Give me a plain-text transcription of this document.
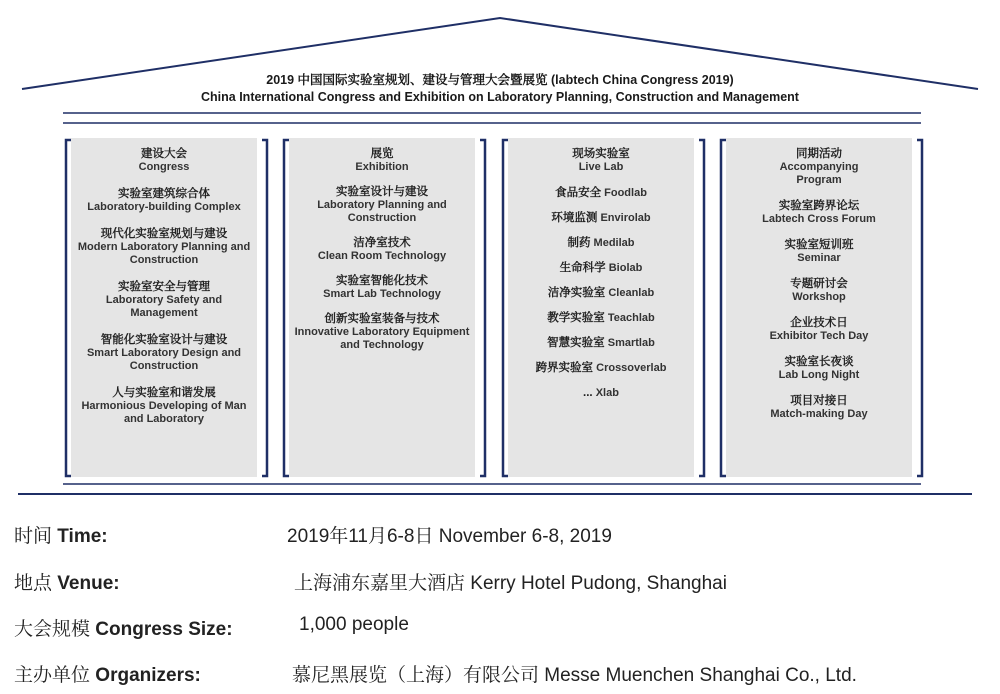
2019 中国国际实验室规划、建设与管理大会暨展览 (labtech China Congress 2019)
China International Congress and Exhibition on Laboratory Planning, Construction and Management
建设大会
Congress
实验室建筑综合体
Laboratory-building Complex
现代化实验室规划与建设
Modern Laboratory Planning and Construction
实验室安全与管理
Laboratory Safety and Management
智能化实验室设计与建设
Smart Laboratory Design and Construction
人与实验室和谐发展
Harmonious Developing of Man and Laboratory
展览
Exhibition
实验室设计与建设
Laboratory Planning and Construction
洁净室技术
Clean Room Technology
实验室智能化技术
Smart Lab Technology
创新实验室装备与技术
Innovative Laboratory Equipment and Technology
现场实验室
Live Lab
食品安全 Foodlab
环境监测 Envirolab
制药 Medilab
生命科学 Biolab
洁净实验室 Cleanlab
教学实验室 Teachlab
智慧实验室 Smartlab
跨界实验室 Crossoverlab
... Xlab
同期活动
Accompanying Program
实验室跨界论坛
Labtech Cross Forum
实验室短训班
Seminar
专题研讨会
Workshop
企业技术日
Exhibitor Tech Day
实验室长夜谈
Lab Long Night
项目对接日
Match-making Day
时间 Time:	2019年11月6-8日 November 6-8, 2019
地点 Venue:	上海浦东嘉里大酒店 Kerry Hotel Pudong, Shanghai
大会规模 Congress Size:	1,000 people
主办单位 Organizers:	慕尼黑展览（上海）有限公司 Messe Muenchen Shanghai Co., Ltd.
